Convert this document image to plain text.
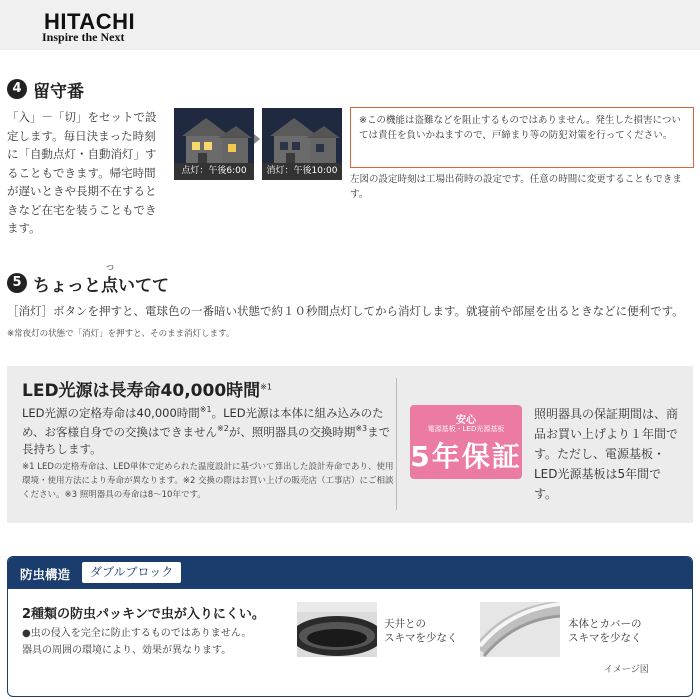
HITACHI
Inspire the Next
4 留守番
「入」－「切」をセットで設定します。毎日決まった時刻に「自動点灯・自動消灯」することもできます。帰宅時間が遅いときや長期不在するときなど在宅を装うこともできます。
点灯：午後6:00	消灯：午後10:00
※この機能は盗難などを阻止するものではありません。発生した損害については責任を負いかねますので、戸締まり等の防犯対策を行ってください。
左図の設定時刻は工場出荷時の設定です。任意の時間に変更することもできます。
つ
5 ちょっと点いてて
［消灯］ボタンを押すと、電球色の一番暗い状態で約１０秒間点灯してから消灯します。就寝前や部屋を出るときなどに便利です。
※常夜灯の状態で「消灯」を押すと、そのまま消灯します。
LED光源は長寿命40,000時間$^{※1}$
LED光源の定格寿命は40,000時間$^{※1}$。LED光源は本体に組み込みのため、お客様自身での交換はできません$^{※2}$が、照明器具の交換時期$^{※3}$まで長持ちします。
※1 LEDの定格寿命は、LED単体で定められた温度設計に基づいて算出した設計寿命であり、使用環境・使用方法により寿命が異なります。※2 交換の際はお買い上げの販売店（工事店）にご相談ください。※3 照明器具の寿命は8～10年です。
安心
電源基板・LED光源基板
5年保証
照明器具の保証期間は、商品お買い上げより１年間です。ただし、電源基板・LED光源基板は5年間です。
防虫構造	ダブルブロック
2種類の防虫パッキンで虫が入りにくい。
●虫の侵入を完全に防止するものではありません。
器具の周囲の環境により、効果が異なります。
天井との
スキマを少なく
本体とカバーの
スキマを少なく
イメージ図
